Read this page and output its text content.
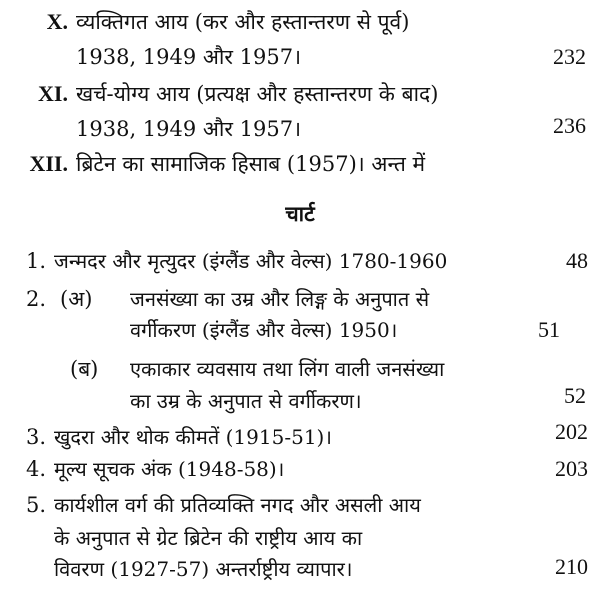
X. व्यक्तिगत आय (कर और हस्तान्तरण से पूर्व)
1938, 1949 और 1957।	232
XI. खर्च-योग्य आय (प्रत्यक्ष और हस्तान्तरण के बाद)
1938, 1949 और 1957।	236
XII. ब्रिटेन का सामाजिक हिसाब (1957)। अन्त में
चार्ट
1. जन्मदर और मृत्युदर (इंग्लैंड और वेल्स) 1780-1960	48
2. (अ) जनसंख्या का उम्र और लिङ्ग के अनुपात से
वर्गीकरण (इंग्लैंड और वेल्स) 1950।	51
(ब) एकाकार व्यवसाय तथा लिंग वाली जनसंख्या
का उम्र के अनुपात से वर्गीकरण।	52
3. खुदरा और थोक कीमतें (1915-51)।	202
4. मूल्य सूचक अंक (1948-58)।	203
5. कार्यशील वर्ग की प्रतिव्यक्ति नगद और असली आय
के अनुपात से ग्रेट ब्रिटेन की राष्ट्रीय आय का
विवरण (1927-57) अन्तर्राष्ट्रीय व्यापार।	210
